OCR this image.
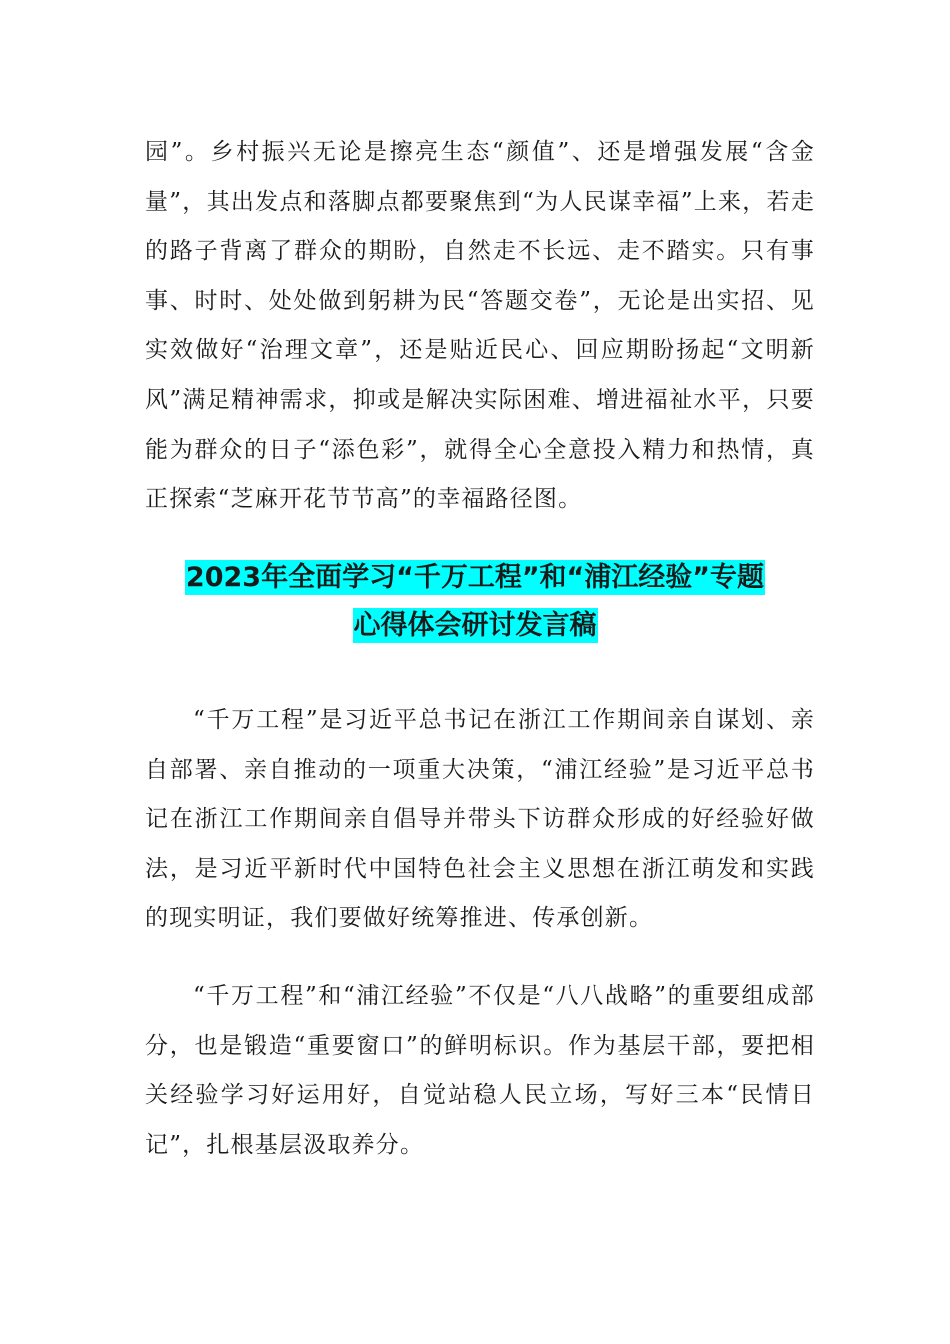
园”。乡村振兴无论是擦亮生态“颜值”、还是增强发展“含金量”，其出发点和落脚点都要聚焦到“为人民谋幸福”上来，若走的路子背离了群众的期盼，自然走不长远、走不踏实。只有事事、时时、处处做到躬耕为民“答题交卷”，无论是出实招、见实效做好“治理文章”，还是贴近民心、回应期盼扬起“文明新风”满足精神需求，抑或是解决实际困难、增进福祉水平，只要能为群众的日子“添色彩”，就得全心全意投入精力和热情，真正探索“芝麻开花节节高”的幸福路径图。

2023年全面学习“千万工程”和“浦江经验”专题
心得体会研讨发言稿

“千万工程”是习近平总书记在浙江工作期间亲自谋划、亲自部署、亲自推动的一项重大决策，“浦江经验”是习近平总书记在浙江工作期间亲自倡导并带头下访群众形成的好经验好做法，是习近平新时代中国特色社会主义思想在浙江萌发和实践的现实明证，我们要做好统筹推进、传承创新。

“千万工程”和“浦江经验”不仅是“八八战略”的重要组成部分，也是锻造“重要窗口”的鲜明标识。作为基层干部，要把相关经验学习好运用好，自觉站稳人民立场，写好三本“民情日记”，扎根基层汲取养分。
